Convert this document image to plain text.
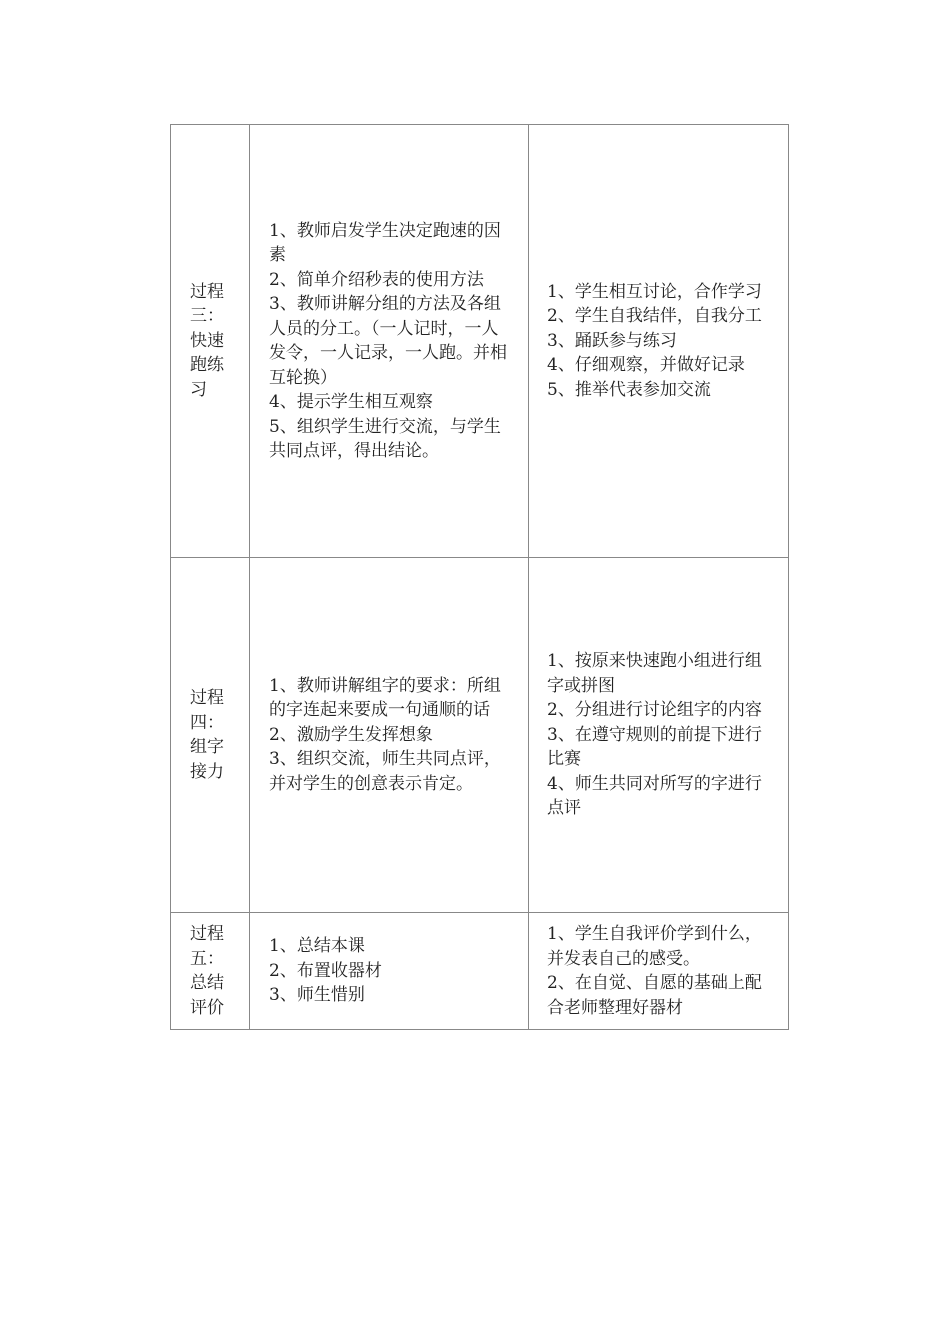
过程
三：
快速
跑练
习	1、教师启发学生决定跑速的因素
2、简单介绍秒表的使用方法
3、教师讲解分组的方法及各组人员的分工。（一人记时，一人发令，一人记录，一人跑。并相互轮换）
4、提示学生相互观察
5、组织学生进行交流，与学生共同点评，得出结论。	1、学生相互讨论，合作学习
2、学生自我结伴，自我分工
3、踊跃参与练习
4、仔细观察，并做好记录
5、推举代表参加交流

过程
四：
组字
接力	1、教师讲解组字的要求：所组的字连起来要成一句通顺的话 2、激励学生发挥想象
3、组织交流，师生共同点评，并对学生的创意表示肯定。	1、按原来快速跑小组进行组字或拼图
2、分组进行讨论组字的内容
3、在遵守规则的前提下进行比赛
4、师生共同对所写的字进行点评

过程
五：
总结
评价	1、总结本课
2、布置收器材
3、师生惜别	1、学生自我评价学到什么，并发表自己的感受。
2、在自觉、自愿的基础上配合老师整理好器材
